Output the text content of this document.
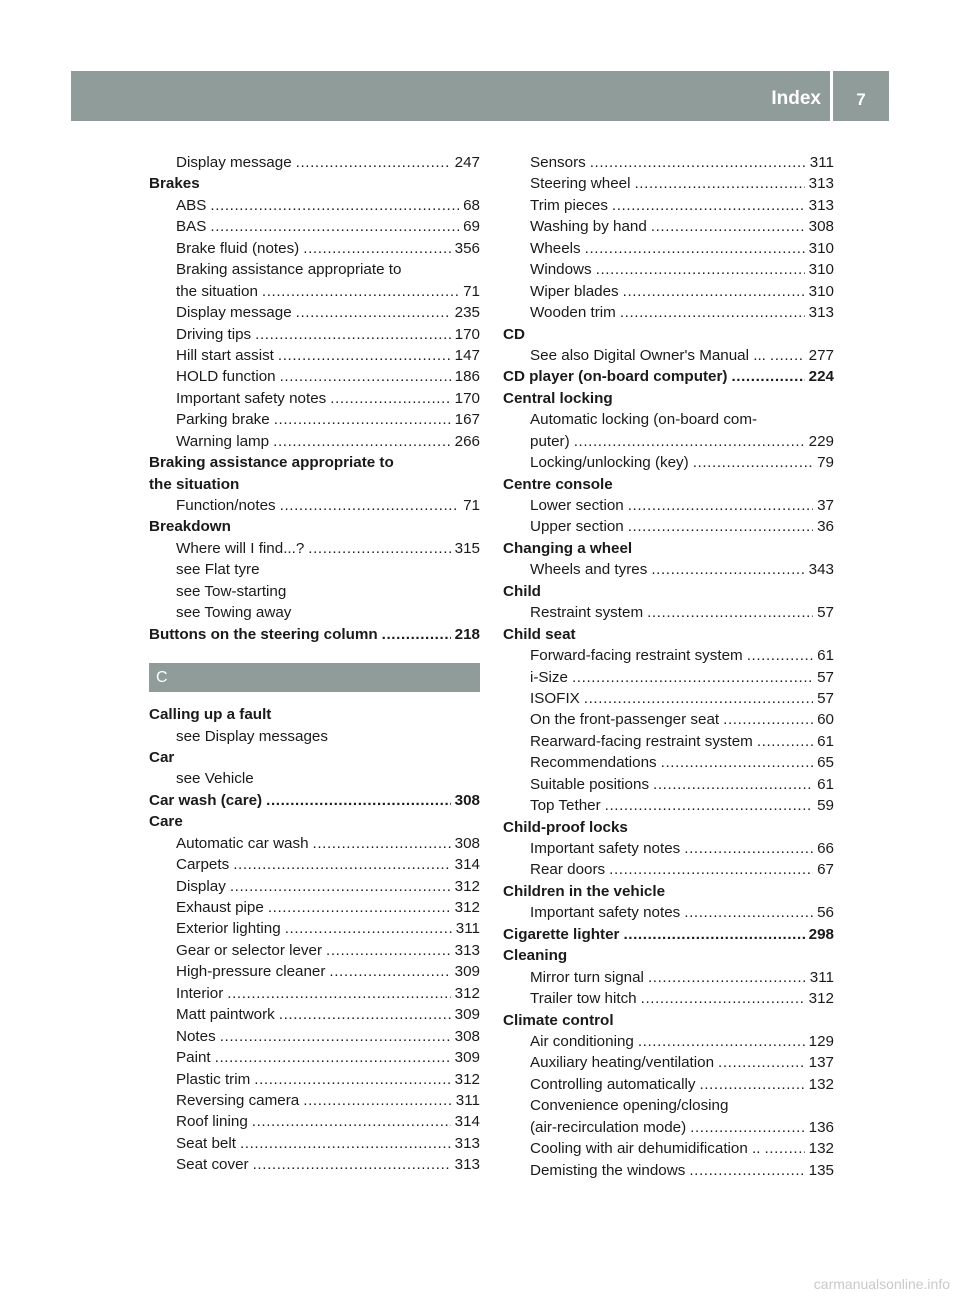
Index	7
Display message .....	247
Brakes
ABS .....	68
BAS .....	69
Brake fluid (notes) .....	356
Braking assistance appropriate to
the situation .....	71
Display message .....	235
Driving tips .....	170
Hill start assist .....	147
HOLD function .....	186
Important safety notes .....	170
Parking brake .....	167
Warning lamp .....	266
Braking assistance appropriate to
the situation
Function/notes .....	71
Breakdown
Where will I find...? .....	315
see Flat tyre
see Tow-starting
see Towing away
Buttons on the steering column .....	218
C
Calling up a fault
see Display messages
Car
see Vehicle
Car wash (care) .....	308
Care
Automatic car wash .....	308
Carpets .....	314
Display .....	312
Exhaust pipe .....	312
Exterior lighting .....	311
Gear or selector lever .....	313
High-pressure cleaner .....	309
Interior .....	312
Matt paintwork .....	309
Notes .....	308
Paint .....	309
Plastic trim .....	312
Reversing camera .....	311
Roof lining .....	314
Seat belt .....	313
Seat cover .....	313
Sensors .....	311
Steering wheel .....	313
Trim pieces .....	313
Washing by hand .....	308
Wheels .....	310
Windows .....	310
Wiper blades .....	310
Wooden trim .....	313
CD
See also Digital Owner's Manual ... .....	277
CD player (on-board computer) .....	224
Central locking
Automatic locking (on-board com-
puter) .....	229
Locking/unlocking (key) .....	79
Centre console
Lower section .....	37
Upper section .....	36
Changing a wheel
Wheels and tyres .....	343
Child
Restraint system .....	57
Child seat
Forward-facing restraint system .....	61
i-Size .....	57
ISOFIX .....	57
On the front-passenger seat .....	60
Rearward-facing restraint system .....	61
Recommendations .....	65
Suitable positions .....	61
Top Tether .....	59
Child-proof locks
Important safety notes .....	66
Rear doors .....	67
Children in the vehicle
Important safety notes .....	56
Cigarette lighter .....	298
Cleaning
Mirror turn signal .....	311
Trailer tow hitch .....	312
Climate control
Air conditioning .....	129
Auxiliary heating/ventilation .....	137
Controlling automatically .....	132
Convenience opening/closing
(air-recirculation mode) .....	136
Cooling with air dehumidification .. .....	132
Demisting the windows .....	135
carmanualsonline.info
